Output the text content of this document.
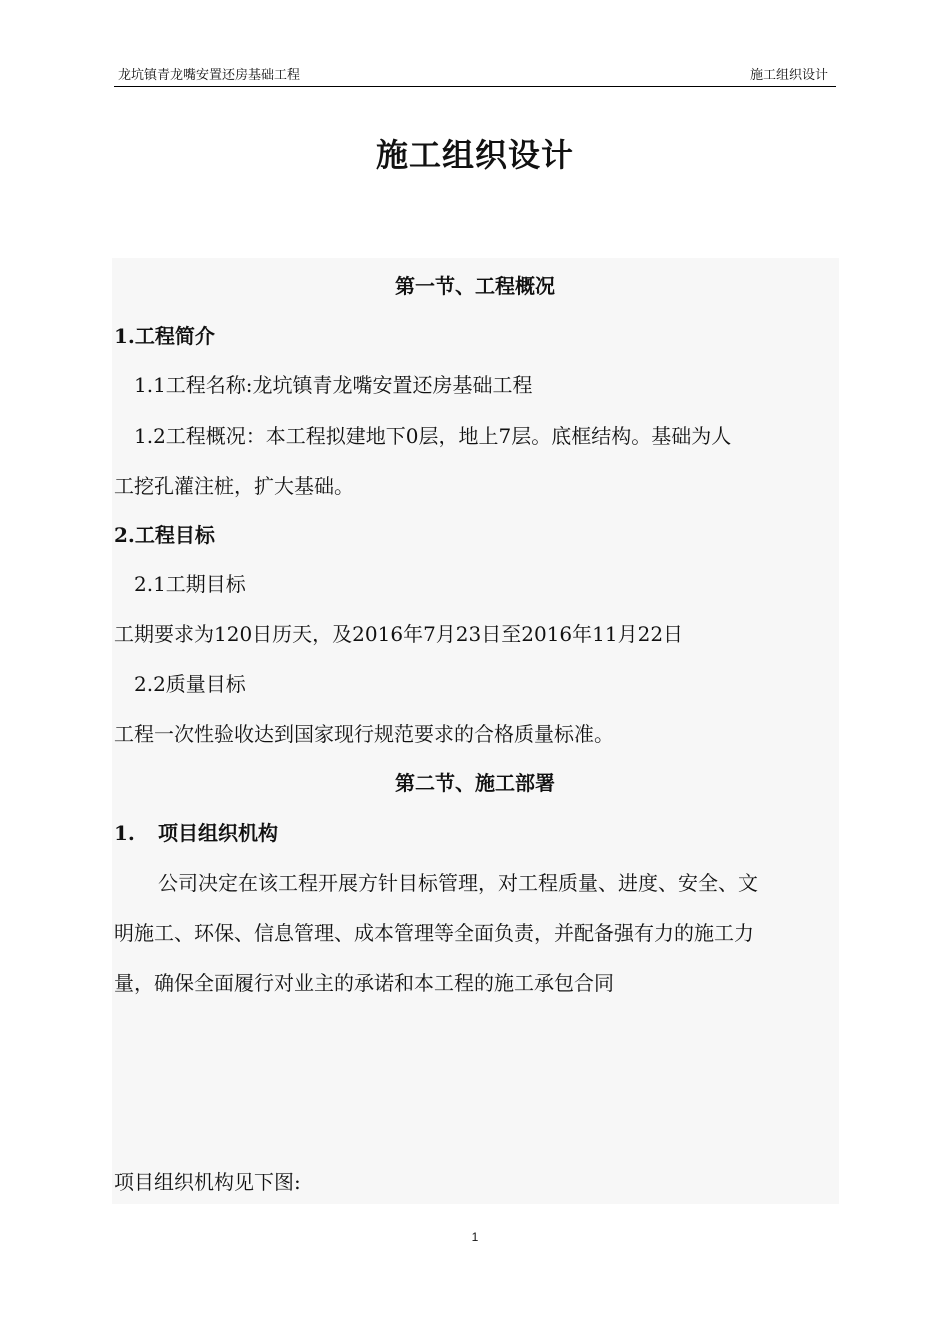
龙坑镇青龙嘴安置还房基础工程	施工组织设计
施工组织设计
第一节、工程概况
1.工程简介
1.1工程名称:龙坑镇青龙嘴安置还房基础工程
1.2工程概况：本工程拟建地下0层，地上7层。底框结构。基础为人
工挖孔灌注桩，扩大基础。
2.工程目标
2.1工期目标
工期要求为120日历天，及2016年7月23日至2016年11月22日
2.2质量目标
工程一次性验收达到国家现行规范要求的合格质量标准。
第二节、施工部署
1. 项目组织机构
公司决定在该工程开展方针目标管理，对工程质量、进度、安全、文
明施工、环保、信息管理、成本管理等全面负责，并配备强有力的施工力
量，确保全面履行对业主的承诺和本工程的施工承包合同
项目组织机构见下图:
1
